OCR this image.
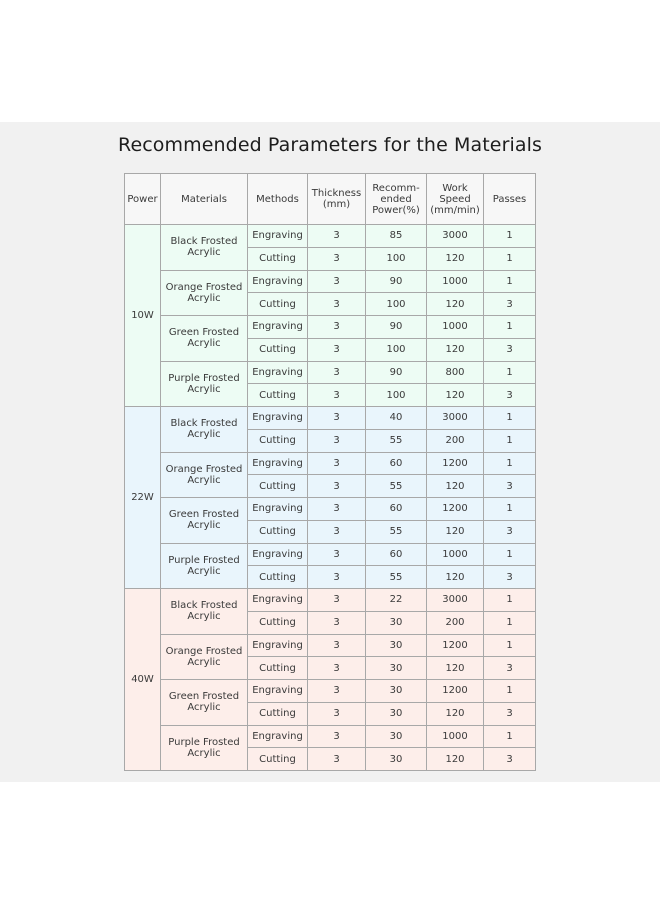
Recommended Parameters for the Materials
Power	Materials	Methods	Thickness (mm)	Recomm-ended Power(%)	Work Speed (mm/min)	Passes
10W	Black Frosted Acrylic	Engraving	3	85	3000	1
		Cutting	3	100	120	1
	Orange Frosted Acrylic	Engraving	3	90	1000	1
		Cutting	3	100	120	3
	Green Frosted Acrylic	Engraving	3	90	1000	1
		Cutting	3	100	120	3
	Purple Frosted Acrylic	Engraving	3	90	800	1
		Cutting	3	100	120	3
22W	Black Frosted Acrylic	Engraving	3	40	3000	1
		Cutting	3	55	200	1
	Orange Frosted Acrylic	Engraving	3	60	1200	1
		Cutting	3	55	120	3
	Green Frosted Acrylic	Engraving	3	60	1200	1
		Cutting	3	55	120	3
	Purple Frosted Acrylic	Engraving	3	60	1000	1
		Cutting	3	55	120	3
40W	Black Frosted Acrylic	Engraving	3	22	3000	1
		Cutting	3	30	200	1
	Orange Frosted Acrylic	Engraving	3	30	1200	1
		Cutting	3	30	120	3
	Green Frosted Acrylic	Engraving	3	30	1200	1
		Cutting	3	30	120	3
	Purple Frosted Acrylic	Engraving	3	30	1000	1
		Cutting	3	30	120	3
